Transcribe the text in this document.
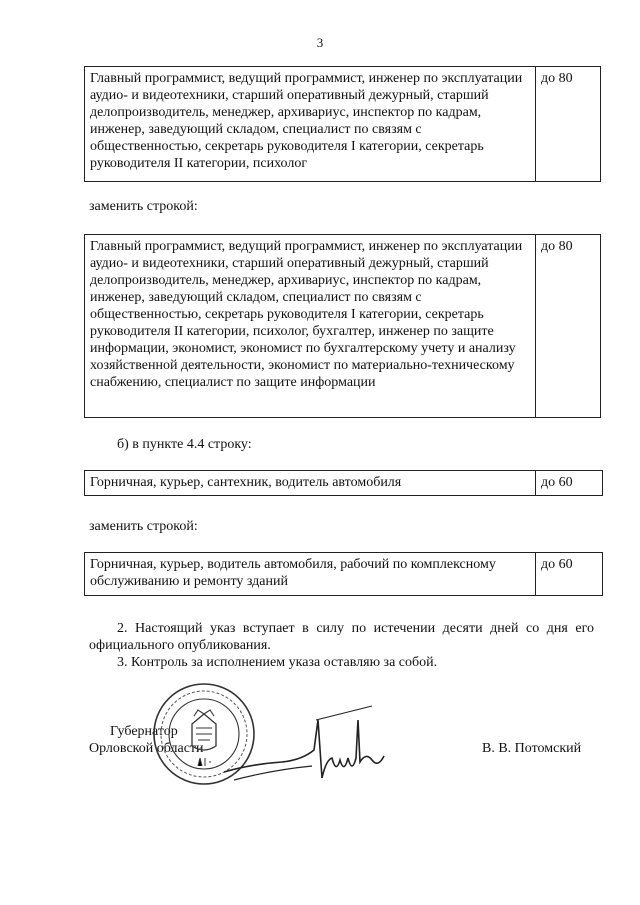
3
Главный программист, ведущий программист, инженер по эксплуатации аудио- и видеотехники, старший оперативный дежурный, старший делопроизводитель, менеджер, архивариус, инспектор по кадрам, инженер, заведующий складом, специалист по связям с общественностью, секретарь руководителя I категории, секретарь руководителя II категории, психолог	до 80
заменить строкой:
Главный программист, ведущий программист, инженер по эксплуатации аудио- и видеотехники, старший оперативный дежурный, старший делопроизводитель, менеджер, архивариус, инспектор по кадрам, инженер, заведующий складом, специалист по связям с общественностью, секретарь руководителя I категории, секретарь руководителя II категории, психолог, бухгалтер, инженер по защите информации, экономист, экономист по бухгалтерскому учету и анализу хозяйственной деятельности, экономист по материально-техническому снабжению, специалист по защите информации	до 80
б) в пункте 4.4 строку:
Горничная, курьер, сантехник, водитель автомобиля	до 60
заменить строкой:
Горничная, курьер, водитель автомобиля, рабочий по комплексному обслуживанию и ремонту зданий	до 60
2. Настоящий указ вступает в силу по истечении десяти дней со дня его официального опубликования.
3. Контроль за исполнением указа оставляю за собой.
Губернатор
Орловской области	В. В. Потомский
